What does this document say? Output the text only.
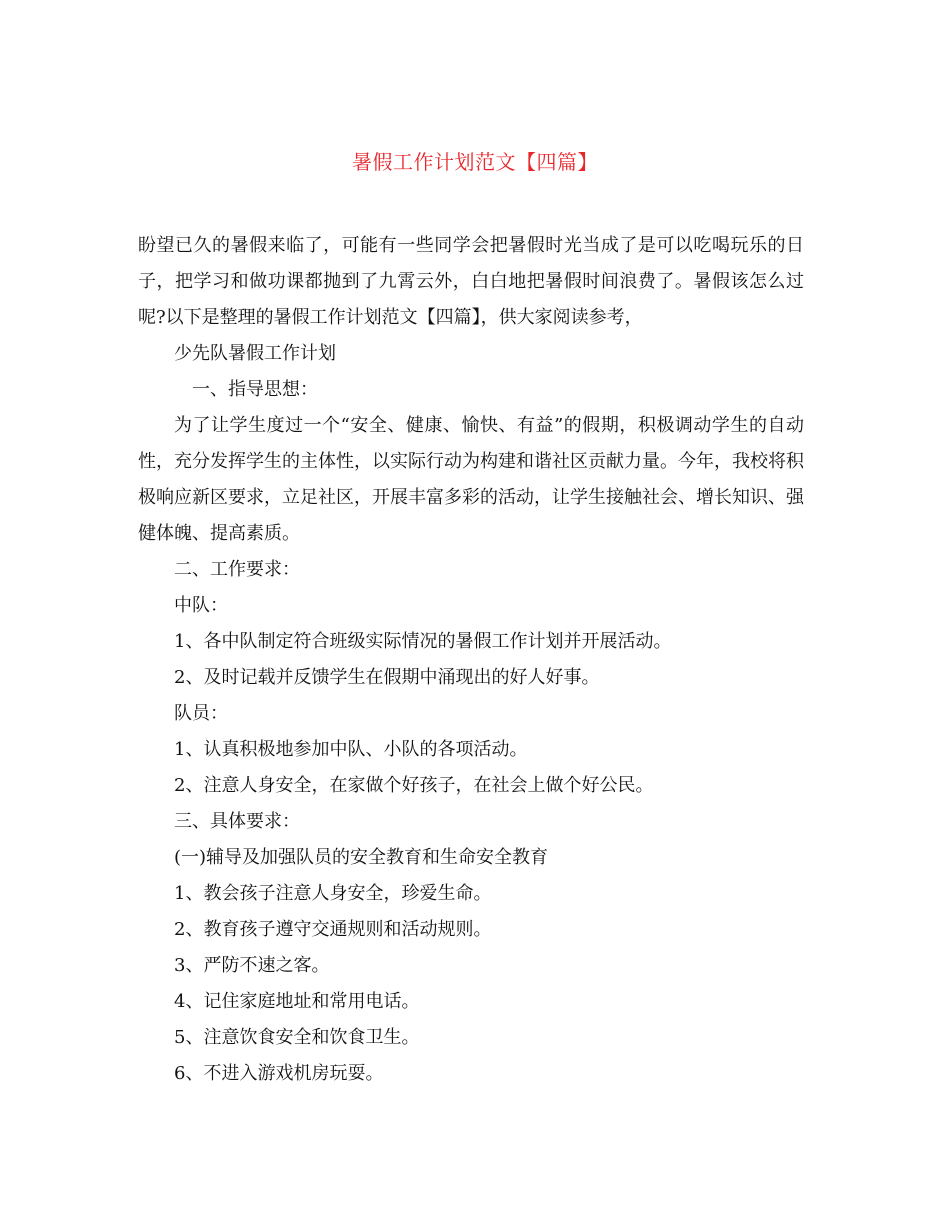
暑假工作计划范文【四篇】

盼望已久的暑假来临了，可能有一些同学会把暑假时光当成了是可以吃喝玩乐的日子，把学习和做功课都抛到了九霄云外，白白地把暑假时间浪费了。暑假该怎么过呢?以下是整理的暑假工作计划范文【四篇】，供大家阅读参考，

少先队暑假工作计划

一、指导思想：

为了让学生度过一个“安全、健康、愉快、有益”的假期，积极调动学生的自动性，充分发挥学生的主体性，以实际行动为构建和谐社区贡献力量。今年，我校将积极响应新区要求，立足社区，开展丰富多彩的活动，让学生接触社会、增长知识、强健体魄、提高素质。

二、工作要求：

中队：

1、各中队制定符合班级实际情况的暑假工作计划并开展活动。

2、及时记载并反馈学生在假期中涌现出的好人好事。

队员：

1、认真积极地参加中队、小队的各项活动。

2、注意人身安全，在家做个好孩子，在社会上做个好公民。

三、具体要求：

(一)辅导及加强队员的安全教育和生命安全教育

1、教会孩子注意人身安全，珍爱生命。

2、教育孩子遵守交通规则和活动规则。

3、严防不速之客。

4、记住家庭地址和常用电话。

5、注意饮食安全和饮食卫生。

6、不进入游戏机房玩耍。
